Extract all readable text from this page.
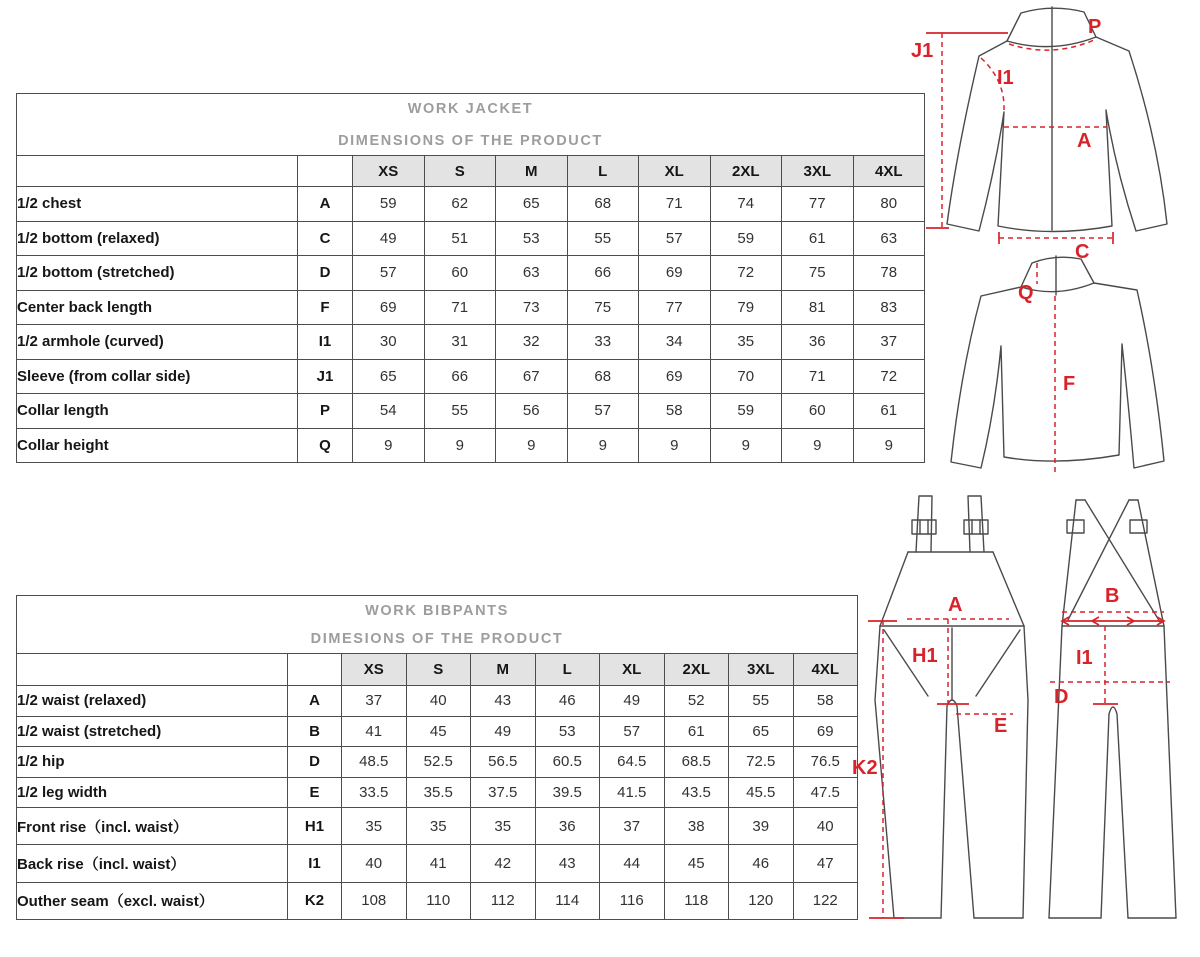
WORK JACKET
DIMENSIONS OF THE PRODUCT									

		XS	S	M	L	XL	2XL	3XL	4XL
1/2 chest	A	59	62	65	68	71	74	77	80
1/2 bottom (relaxed)	C	49	51	53	55	57	59	61	63
1/2 bottom (stretched)	D	57	60	63	66	69	72	75	78
Center back length	F	69	71	73	75	77	79	81	83
1/2 armhole (curved)	I1	30	31	32	33	34	35	36	37
Sleeve (from collar side)	J1	65	66	67	68	69	70	71	72
Collar length	P	54	55	56	57	58	59	60	61
Collar height	Q	9	9	9	9	9	9	9	9
WORK BIBPANTS
DIMESIONS OF THE PRODUCT									

		XS	S	M	L	XL	2XL	3XL	4XL
1/2 waist (relaxed)	A	37	40	43	46	49	52	55	58
1/2 waist (stretched)	B	41	45	49	53	57	61	65	69
1/2 hip	D	48.5	52.5	56.5	60.5	64.5	68.5	72.5	76.5
1/2 leg width	E	33.5	35.5	37.5	39.5	41.5	43.5	45.5	47.5
Front rise（incl. waist）	H1	35	35	35	36	37	38	39	40
Back rise（incl. waist）	I1	40	41	42	43	44	45	46	47
Outher seam（excl. waist）	K2	108	110	112	114	116	118	120	122
J1
P
I1
A
C
Q
F
A
H1
E
K2
B
I1
D
